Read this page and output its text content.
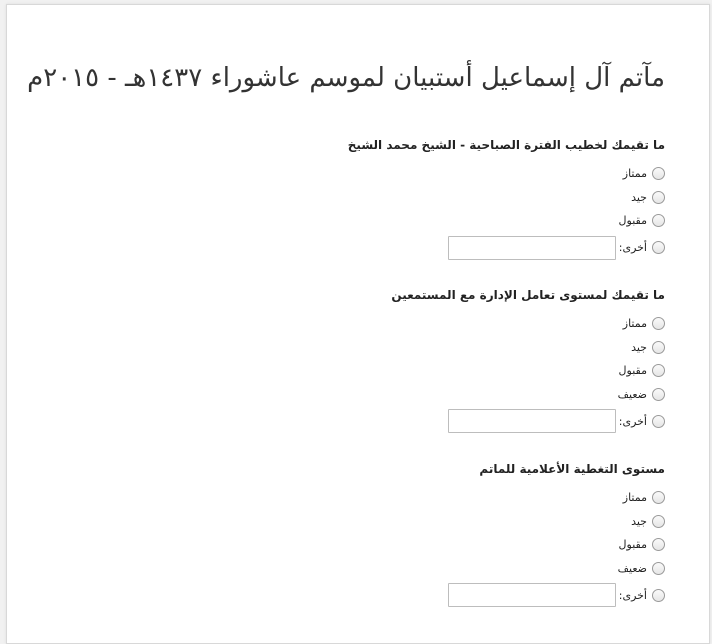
مآتم آل إسماعيل أستبيان لموسم عاشوراء ١٤٣٧هـ - ٢٠١٥م
ما تقيمك لخطيب الفترة الصباحية - الشيخ محمد الشيخ
ممتاز
جيد
مقبول
أخرى:
ما تقيمك لمستوى تعامل الإدارة مع المستمعين
ممتاز
جيد
مقبول
ضعيف
أخرى:
مستوى التغطية الأعلامية للماتم
ممتاز
جيد
مقبول
ضعيف
أخرى:
